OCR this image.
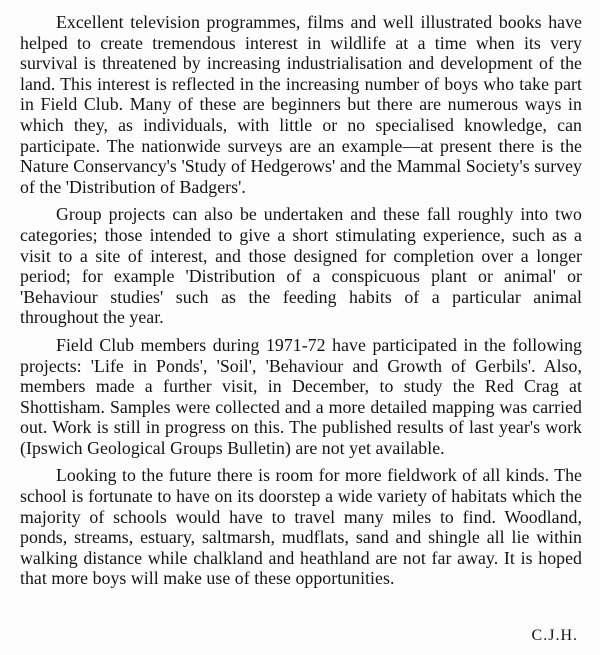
Excellent television programmes, films and well illustrated books have helped to create tremendous interest in wildlife at a time when its very survival is threatened by increasing industrialisation and development of the land. This interest is reflected in the increasing number of boys who take part in Field Club. Many of these are beginners but there are numerous ways in which they, as individuals, with little or no specialised knowledge, can participate. The nationwide surveys are an example—at present there is the Nature Conservancy's 'Study of Hedgerows' and the Mammal Society's survey of the 'Distribution of Badgers'.

Group projects can also be undertaken and these fall roughly into two categories; those intended to give a short stimulating experience, such as a visit to a site of interest, and those designed for completion over a longer period; for example 'Distribution of a conspicuous plant or animal' or 'Behaviour studies' such as the feeding habits of a particular animal throughout the year.

Field Club members during 1971-72 have participated in the following projects: 'Life in Ponds', 'Soil', 'Behaviour and Growth of Gerbils'. Also, members made a further visit, in December, to study the Red Crag at Shottisham. Samples were collected and a more detailed mapping was carried out. Work is still in progress on this. The published results of last year's work (Ipswich Geological Groups Bulletin) are not yet available.

Looking to the future there is room for more fieldwork of all kinds. The school is fortunate to have on its doorstep a wide variety of habitats which the majority of schools would have to travel many miles to find. Woodland, ponds, streams, estuary, saltmarsh, mudflats, sand and shingle all lie within walking distance while chalkland and heathland are not far away. It is hoped that more boys will make use of these opportunities.

C.J.H.
